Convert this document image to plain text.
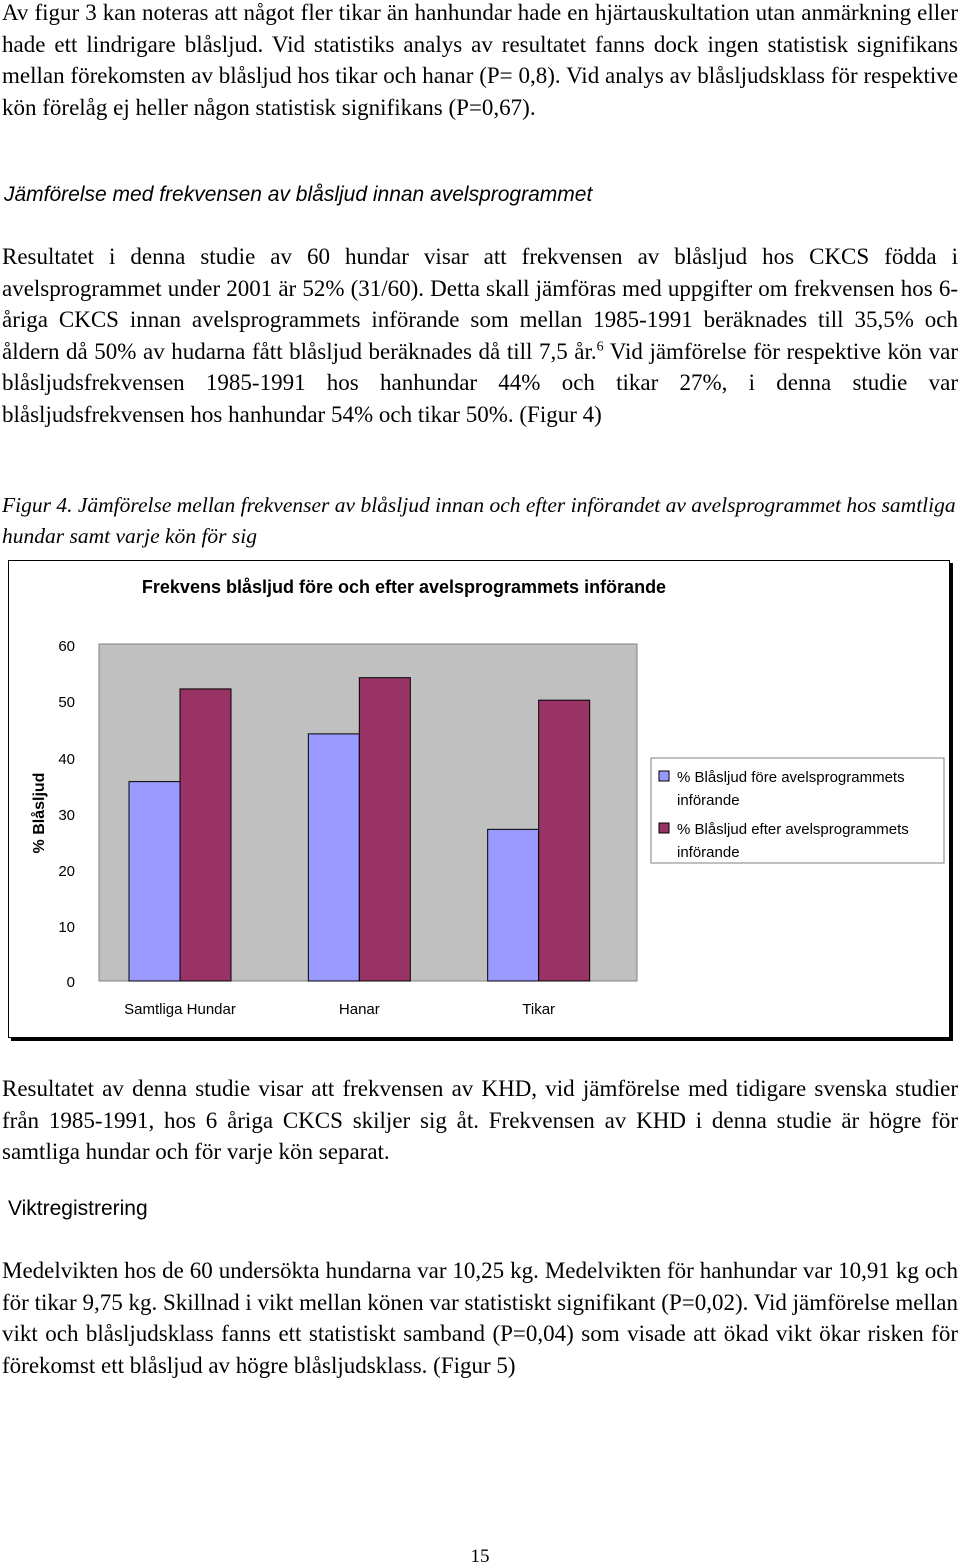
Av figur 3 kan noteras att något fler tikar än hanhundar hade en hjärtauskultation utan anmärkning eller hade ett lindrigare blåsljud. Vid statistiks analys av resultatet fanns dock ingen statistisk signifikans mellan förekomsten av blåsljud hos tikar och hanar (P= 0,8). Vid analys av blåsljudsklass för respektive kön förelåg ej heller någon statistisk signifikans (P=0,67).
Jämförelse med frekvensen av blåsljud innan avelsprogrammet
Resultatet i denna studie av 60 hundar visar att frekvensen av blåsljud hos CKCS födda i avelsprogrammet under 2001 är 52% (31/60). Detta skall jämföras med uppgifter om frekvensen hos 6-åriga CKCS innan avelsprogrammets införande som mellan 1985-1991 beräknades till 35,5% och åldern då 50% av hudarna fått blåsljud beräknades då till 7,5 år.$^6$ Vid jämförelse för respektive kön var blåsljudsfrekvensen 1985-1991 hos hanhundar 44% och tikar 27%, i denna studie var blåsljudsfrekvensen hos hanhundar 54% och tikar 50%. (Figur 4)
Figur 4. Jämförelse mellan frekvenser av blåsljud innan och efter införandet av avelsprogrammet hos samtliga hundar samt varje kön för sig
Frekvens blåsljud före och efter avelsprogrammets införande
% Blåsljud
0
10
20
30
40
50
60
Samtliga Hundar	Hanar	Tikar
% Blåsljud före avelsprogrammets
införande
% Blåsljud efter avelsprogrammets
införande
Resultatet av denna studie visar att frekvensen av KHD, vid jämförelse med tidigare svenska studier från 1985-1991, hos 6 åriga CKCS skiljer sig åt. Frekvensen av KHD i denna studie är högre för samtliga hundar och för varje kön separat.
Viktregistrering
Medelvikten hos de 60 undersökta hundarna var 10,25 kg. Medelvikten för hanhundar var 10,91 kg och för tikar 9,75 kg. Skillnad i vikt mellan könen var statistiskt signifikant (P=0,02). Vid jämförelse mellan vikt och blåsljudsklass fanns ett statistiskt samband (P=0,04) som visade att ökad vikt ökar risken för förekomst ett blåsljud av högre blåsljudsklass. (Figur 5)
15
